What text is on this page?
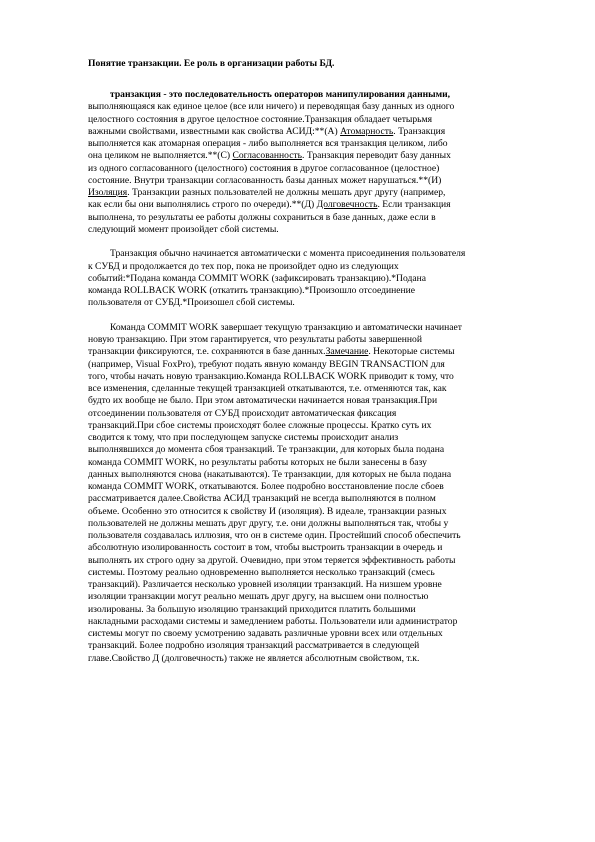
Понятие транзакции. Ее роль в организации работы БД.
транзакция - это последовательность операторов манипулирования данными,
выполняющаяся как единое целое (все или ничего) и переводящая базу данных из одного
целостного состояния в другое целостное состояние.Транзакция обладает четырьмя
важными свойствами, известными как свойства АСИД:**(А) Атомарность. Транзакция
выполняется как атомарная операция - либо выполняется вся транзакция целиком, либо
она целиком не выполняется.**(С) Согласованность. Транзакция переводит базу данных
из одного согласованного (целостного) состояния в другое согласованное (целостное)
состояние. Внутри транзакции согласованность базы данных может нарушаться.**(И)
Изоляция. Транзакции разных пользователей не должны мешать друг другу (например,
как если бы они выполнялись строго по очереди).**(Д) Долговечность. Если транзакция
выполнена, то результаты ее работы должны сохраниться в базе данных, даже если в
следующий момент произойдет сбой системы.
Транзакция обычно начинается автоматически с момента присоединения пользователя
к СУБД и продолжается до тех пор, пока не произойдет одно из следующих
событий:*Подана команда COMMIT WORK (зафиксировать транзакцию).*Подана
команда ROLLBACK WORK (откатить транзакцию).*Произошло отсоединение
пользователя от СУБД.*Произошел сбой системы.
Команда COMMIT WORK завершает текущую транзакцию и автоматически начинает
новую транзакцию. При этом гарантируется, что результаты работы завершенной
транзакции фиксируются, т.е. сохраняются в базе данных.Замечание. Некоторые системы
(например, Visual FoxPro), требуют подать явную команду BEGIN TRANSACTION для
того, чтобы начать новую транзакцию.Команда ROLLBACK WORK приводит к тому, что
все изменения, сделанные текущей транзакцией откатываются, т.е. отменяются так, как
будто их вообще не было. При этом автоматически начинается новая транзакция.При
отсоединении пользователя от СУБД происходит автоматическая фиксация
транзакций.При сбое системы происходят более сложные процессы. Кратко суть их
сводится к тому, что при последующем запуске системы происходит анализ
выполнявшихся до момента сбоя транзакций. Те транзакции, для которых была подана
команда COMMIT WORK, но результаты работы которых не были занесены в базу
данных выполняются снова (накатываются). Те транзакции, для которых не была подана
команда COMMIT WORK, откатываются. Более подробно восстановление после сбоев
рассматривается далее.Свойства АСИД транзакций не всегда выполняются в полном
объеме. Особенно это относится к свойству И (изоляция). В идеале, транзакции разных
пользователей не должны мешать друг другу, т.е. они должны выполняться так, чтобы у
пользователя создавалась иллюзия, что он в системе один. Простейший способ обеспечить
абсолютную изолированность состоит в том, чтобы выстроить транзакции в очередь и
выполнять их строго одну за другой. Очевидно, при этом теряется эффективность работы
системы. Поэтому реально одновременно выполняется несколько транзакций (смесь
транзакций). Различается несколько уровней изоляции транзакций. На низшем уровне
изоляции транзакции могут реально мешать друг другу, на высшем они полностью
изолированы. За большую изоляцию транзакций приходится платить большими
накладными расходами системы и замедлением работы. Пользователи или администратор
системы могут по своему усмотрению задавать различные уровни всех или отдельных
транзакций. Более подробно изоляция транзакций рассматривается в следующей
главе.Свойство Д (долговечность) также не является абсолютным свойством, т.к.
